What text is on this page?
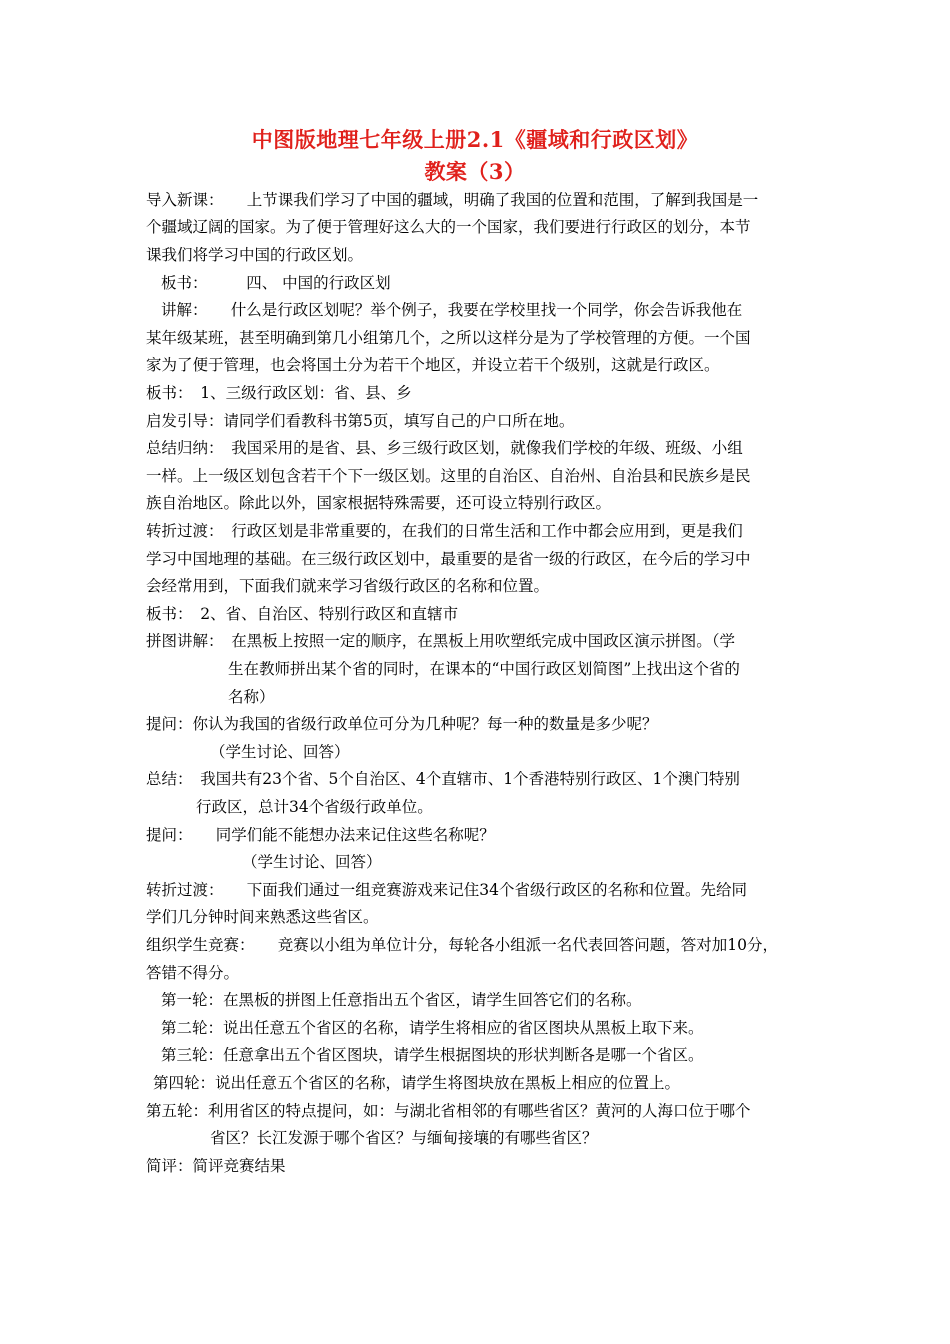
中图版地理七年级上册2.1《疆域和行政区划》
教案（3）
导入新课：　　上节课我们学习了中国的疆域，明确了我国的位置和范围，了解到我国是一
个疆域辽阔的国家。为了便于管理好这么大的一个国家，我们要进行行政区的划分，本节
课我们将学习中国的行政区划。
板书：　　　四、 中国的行政区划
讲解：　　什么是行政区划呢？举个例子，我要在学校里找一个同学，你会告诉我他在
某年级某班，甚至明确到第几小组第几个，之所以这样分是为了学校管理的方便。一个国
家为了便于管理，也会将国土分为若干个地区，并设立若干个级别，这就是行政区。
板书：　1、三级行政区划：省、县、乡
启发引导：请同学们看教科书第5页，填写自己的户口所在地。
总结归纳：　我国采用的是省、县、乡三级行政区划，就像我们学校的年级、班级、小组
一样。上一级区划包含若干个下一级区划。这里的自治区、自治州、自治县和民族乡是民
族自治地区。除此以外，国家根据特殊需要，还可设立特别行政区。
转折过渡：　行政区划是非常重要的，在我们的日常生活和工作中都会应用到，更是我们
学习中国地理的基础。在三级行政区划中，最重要的是省一级的行政区，在今后的学习中
会经常用到，下面我们就来学习省级行政区的名称和位置。
板书：　2、省、自治区、特别行政区和直辖市
拼图讲解：　在黑板上按照一定的顺序，在黑板上用吹塑纸完成中国政区演示拼图。（学
生在教师拼出某个省的同时，在课本的“中国行政区划简图”上找出这个省的
名称）
提问：你认为我国的省级行政单位可分为几种呢？每一种的数量是多少呢？
（学生讨论、回答）
总结：　我国共有23个省、5个自治区、4个直辖市、1个香港特别行政区、1个澳门特别
行政区，总计34个省级行政单位。
提问：　　同学们能不能想办法来记住这些名称呢？
（学生讨论、回答）
转折过渡：　　下面我们通过一组竞赛游戏来记住34个省级行政区的名称和位置。先给同
学们几分钟时间来熟悉这些省区。
组织学生竞赛：　　竞赛以小组为单位计分，每轮各小组派一名代表回答问题，答对加10分，
答错不得分。
第一轮：在黑板的拼图上任意指出五个省区，请学生回答它们的名称。
第二轮：说出任意五个省区的名称，请学生将相应的省区图块从黑板上取下来。
第三轮：任意拿出五个省区图块，请学生根据图块的形状判断各是哪一个省区。
第四轮：说出任意五个省区的名称，请学生将图块放在黑板上相应的位置上。
第五轮：利用省区的特点提问，如：与湖北省相邻的有哪些省区？黄河的人海口位于哪个
省区？长江发源于哪个省区？与缅甸接壤的有哪些省区？
简评：简评竞赛结果
